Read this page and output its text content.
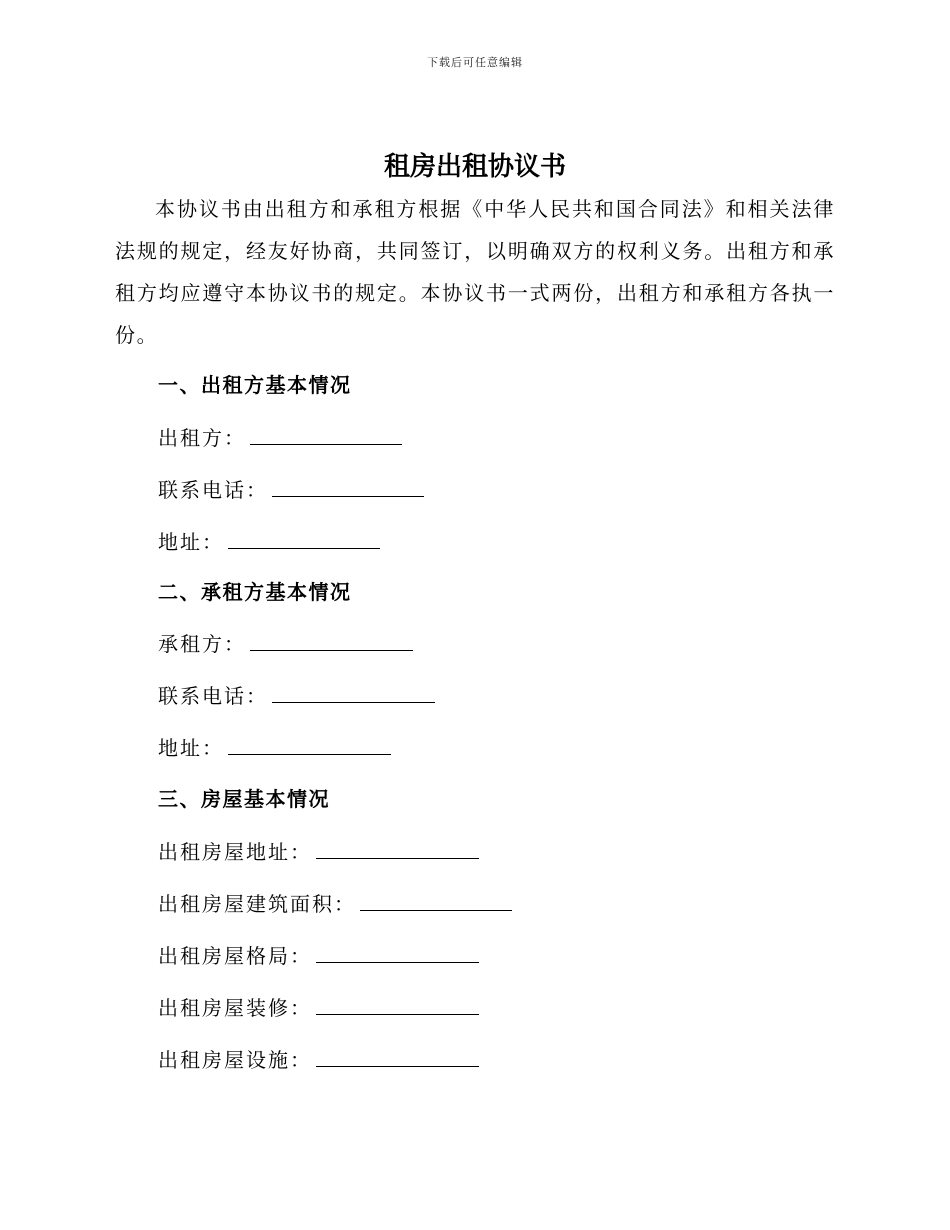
下载后可任意编辑
租房出租协议书

本协议书由出租方和承租方根据《中华人民共和国合同法》和相关法律法规的规定，经友好协商，共同签订，以明确双方的权利义务。出租方和承租方均应遵守本协议书的规定。本协议书一式两份，出租方和承租方各执一份。

一、出租方基本情况
出租方：
联系电话：
地址：
二、承租方基本情况
承租方：
联系电话：
地址：
三、房屋基本情况
出租房屋地址：
出租房屋建筑面积：
出租房屋格局：
出租房屋装修：
出租房屋设施：
